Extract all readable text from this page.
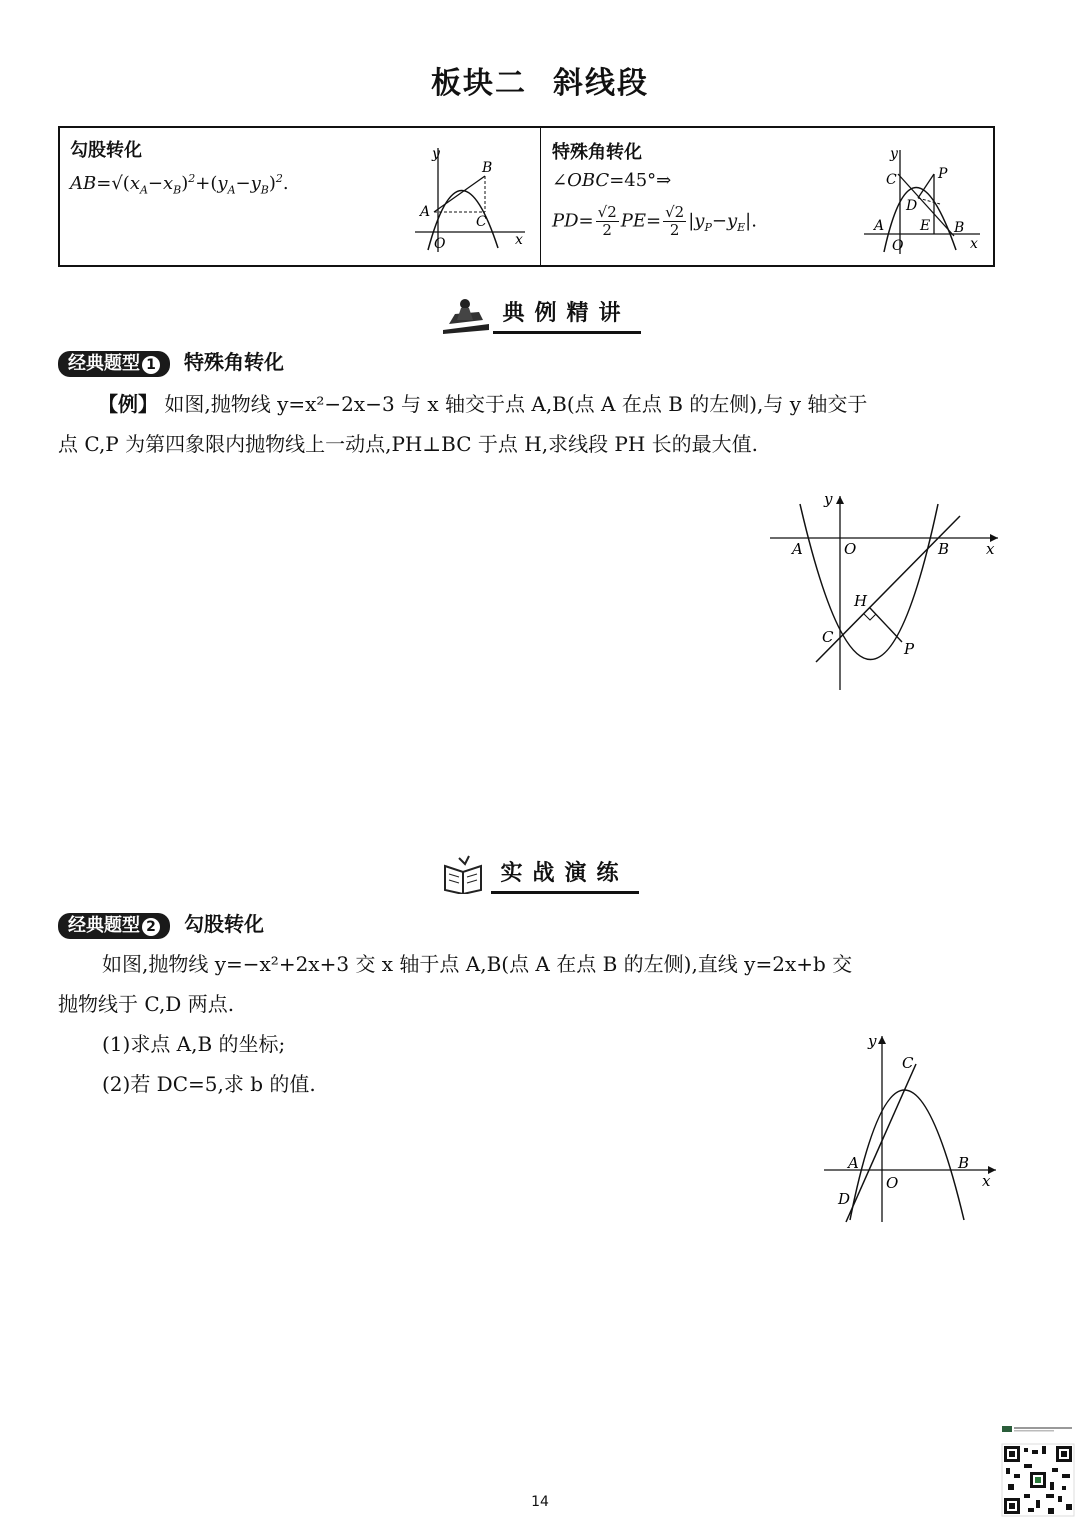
板块二 斜线段
勾股转化
$AB=√(x_A-x_B)^2+(y_A-y_B)^2$.
y
x
A
B
C
O
特殊角转化
∠OBC=45°⇒
$PD= \frac{√2}{2} PE= \frac{√2}{2} |y_P-y_E|$.
y
x
A	B
C
D
E
P
O
典例精讲
经典题型 1 特殊角转化
【例】 如图,抛物线 y=x²−2x−3 与 x 轴交于点 A,B(点 A 在点 B 的左侧),与 y 轴交于
点 C,P 为第四象限内抛物线上一动点,PH⊥BC 于点 H,求线段 PH 长的最大值.
y
x
A	O	B
H
C
P
实战演练
经典题型 2 勾股转化
如图,抛物线 y=−x²+2x+3 交 x 轴于点 A,B(点 A 在点 B 的左侧),直线 y=2x+b 交
抛物线于 C,D 两点.
(1)求点 A,B 的坐标;
(2)若 DC=5,求 b 的值.
y
x
A	B
C
D
O
14
